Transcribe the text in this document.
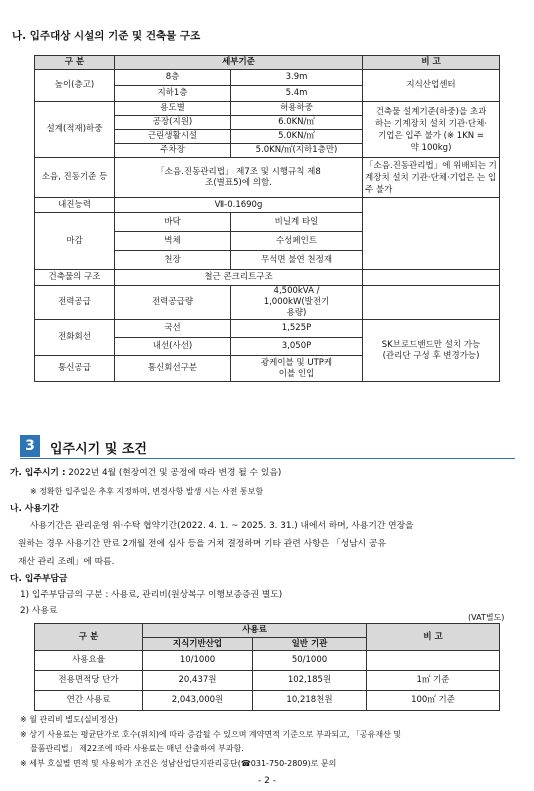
나. 입주대상 시설의 기준 및 건축물 구조
구 분	세부기준		비 고
높이(층고)	8층	3.9m	지식산업센터
	지하1층	5.4m	
설계(적재)하중	용도별	허용하중	건축물 설계기준(하중)을 초과하는 기계장치 설치 기관·단체·기업은 입주 불가 (※ 1KN = 약 100kg)
	공장(지원)	6.0KN/㎡	
	근린생활시설	5.0KN/㎡	
	주차장	5.0KN/㎡(지하1층만)	
소음, 진동기준 등	「소음.진동관리법」 제7조 및 시행규칙 제8조(별표5)에 의함.		「소음.진동관리법」에 위배되는 기계장치 설치 기관·단체·기업은 는 입주 불가
내진능력	Ⅶ-0.1690g		
마감	바닥	비닐계 타일	
	벽체	수성페인트	
	천장	무석면 불연 천정재	
건축물의 구조	철근 콘크리트구조		
전력공급	전력공급량	4,500kVA / 1,000kW(발전기용량)	
전화회선	국선	1,525P	SK브로드밴드만 설치 가능 (관리단 구성 후 변경가능)
	내선(사선)	3,050P	
통신공급	통신회선구분	광케이블 및 UTP케이블 인입	
3	입주시기 및 조건
가. 입주시기 : 2022년 4월 (현장여건 및 공정에 따라 변경 될 수 있음)
※ 정확한 입주일은 추후 지정하며, 변경사항 발생 시는 사전 통보함
나. 사용기간
사용기간은 관리운영 위·수탁 협약기간(2022. 4. 1. ~ 2025. 3. 31.) 내에서 하며, 사용기간 연장을
원하는 경우 사용기간 만료 2개월 전에 심사 등을 거쳐 결정하며 기타 관련 사항은 「성남시 공유
재산 관리 조례」에 따름.
다. 입주부담금
1) 입주부담금의 구분 : 사용료, 관리비(원상복구 이행보증증권 별도)
2) 사용료
(VAT별도)
구 분	사용료		비 고
	지식기반산업	일반 기관	
사용요율	10/1000	50/1000	
전용면적당 단가	20,437원	102,185원	1㎡ 기준
연간 사용료	2,043,000원	10,218천원	100㎡ 기준
※ 월 관리비 별도(실비정산)
※ 상기 사용료는 평균단가로 호수(위치)에 따라 증감될 수 있으며 계약면적 기준으로 부과되고, 「공유재산 및
물품관리법」 제22조에 따라 사용료는 매년 산출하여 부과함.
※ 세부 호실별 면적 및 사용허가 조건은 성남산업단지관리공단(☎031-750-2809)로 문의
- 2 -
